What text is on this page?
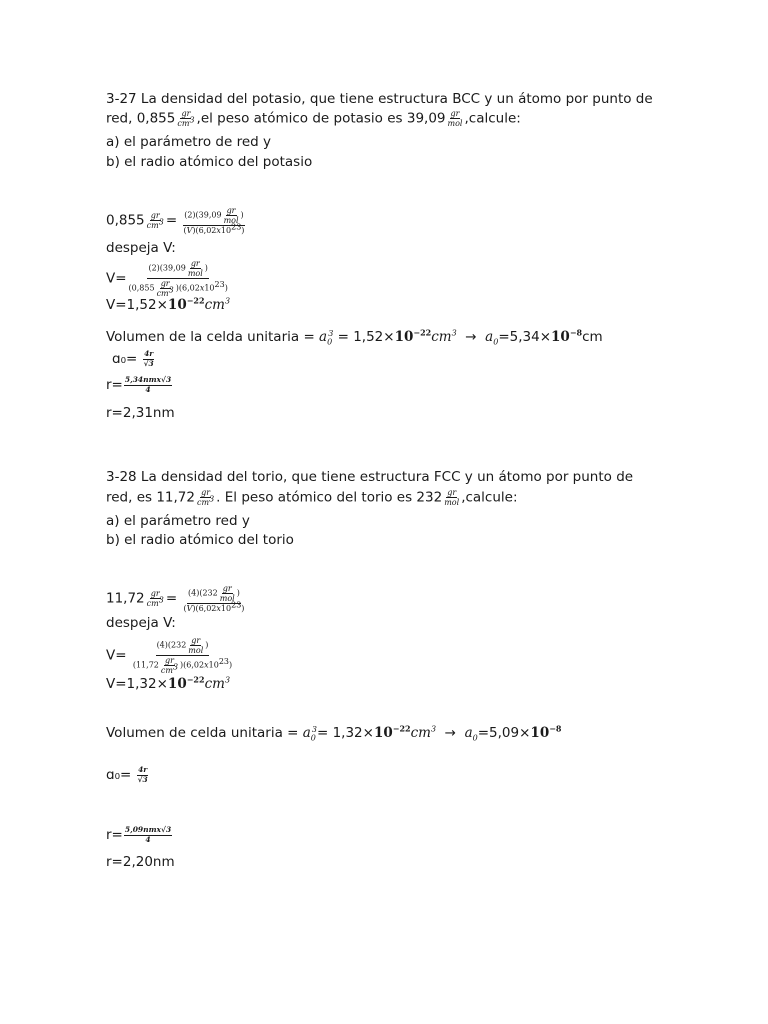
3-27 La densidad del potasio, que tiene estructura BCC y un átomo por punto de
red, $0,855 \frac{gr}{cm^3} ,el$ peso atómico de potasio es $39,09 \frac{gr}{\text{mol}}$ ,calcule:
a) el parámetro de red y
b) el radio atómico del potasio
$0,855 \frac{gr}{cm^3} = \frac{(2)(39,09 \frac{gr}{\text{mol}} )}{(V)(6,02x10^{23})}$
despeja V:
$V= \frac{(2)(39,09 \frac{gr}{\text{mol}} )}{(0,855 \frac{gr}{cm^3} )(6,02x10^{23})}$
$V=1,52\times 10^{-22}cm^3$
Volumen de la celda unitaria = $a_0^3 = 1,52\times 10^{-22}cm^3 \to a_0=5,34\times 10^{-8}cm$
ɑ₀= $\frac{4r}{√3}$
$r= \frac{\text{5,34nmx√3}}{4}$
r=2,31nm
3-28 La densidad del torio, que tiene estructura FCC y un átomo por punto de
red, es $11,72 \frac{gr}{cm^3}$ . El peso atómico del torio es $232 \frac{gr}{\text{mol}}$ ,calcule:
a) el parámetro red y
b) el radio atómico del torio
$11,72 \frac{gr}{cm^3} = \frac{(4)(232 \frac{gr}{\text{mol}} )}{(V)(6,02x10^{23})}$
despeja V:
$V= \frac{(4)(232 \frac{gr}{\text{mol}} )}{(11,72 \frac{gr}{cm^3} )(6,02x10^{23})}$
$V=1,32\times 10^{-22}cm^3$
Volumen de celda unitaria = $a_0^3= 1,32\times 10^{-22}cm^3 \to a_0=5,09\times 10^{-8}$
ɑ₀= $\frac{4r}{√3}$
$r= \frac{\text{5,09nmx√3}}{4}$
r=2,20nm
